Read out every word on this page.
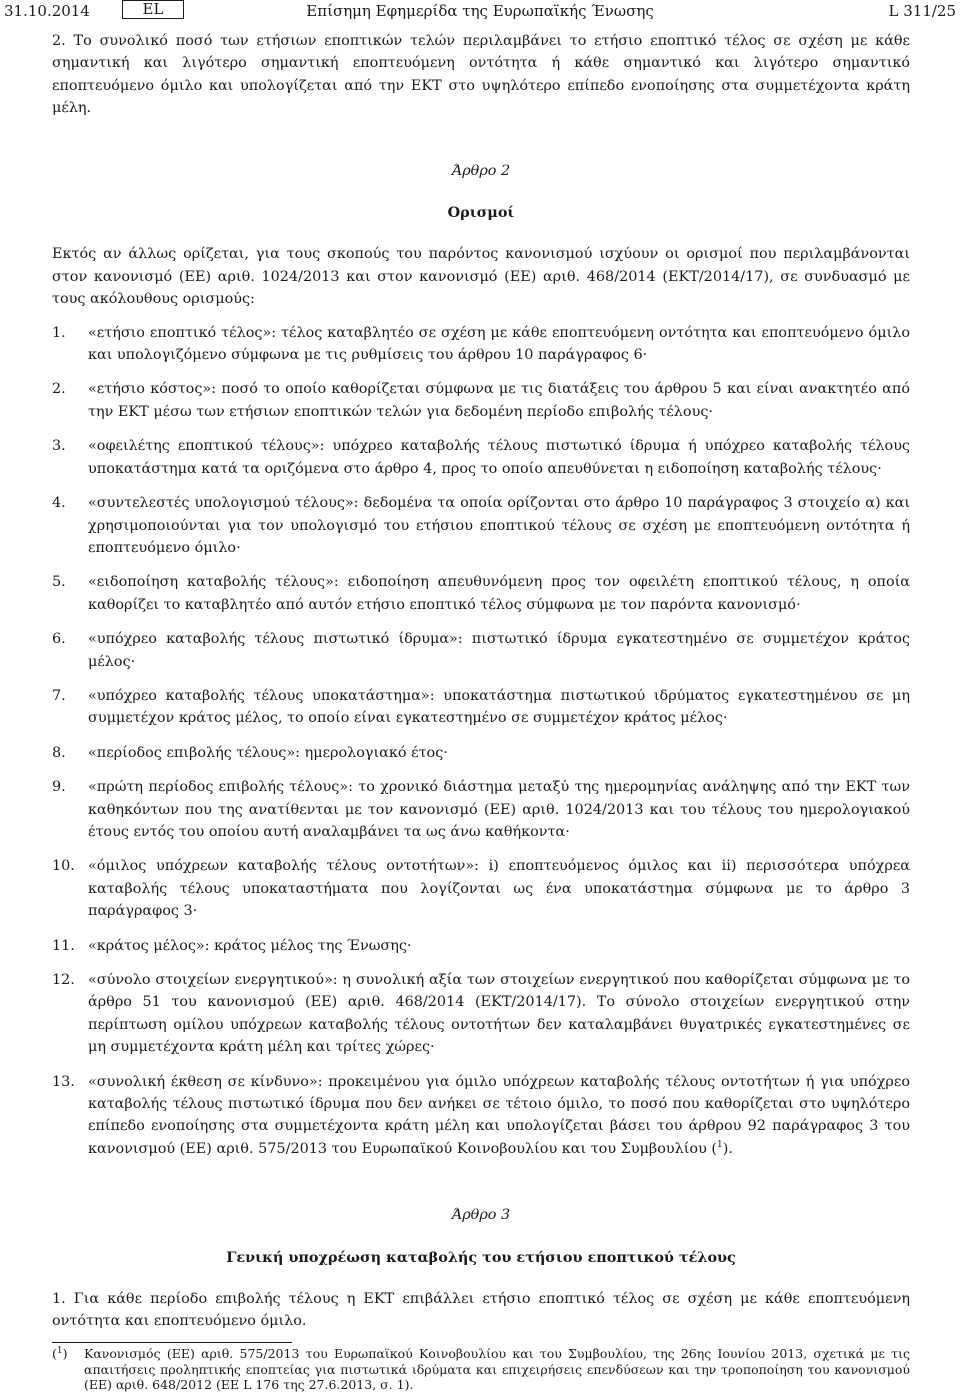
31.10.2014	Επίσημη Εφημερίδα της Ευρωπαϊκής Ένωσης
EL	L 311/25

2. Το συνολικό ποσό των ετήσιων εποπτικών τελών περιλαμβάνει το ετήσιο εποπτικό τέλος σε σχέση με κάθε σημαντική και λιγότερο σημαντική εποπτευόμενη οντότητα ή κάθε σημαντικό και λιγότερο σημαντικό εποπτευόμενο όμιλο και υπολογίζεται από την ΕΚΤ στο υψηλότερο επίπεδο ενοποίησης στα συμμετέχοντα κράτη μέλη.

Άρθρο 2
Ορισμοί

Εκτός αν άλλως ορίζεται, για τους σκοπούς του παρόντος κανονισμού ισχύουν οι ορισμοί που περιλαμβάνονται στον κανονισμό (ΕΕ) αριθ. 1024/2013 και στον κανονισμό (ΕΕ) αριθ. 468/2014 (ΕΚΤ/2014/17), σε συνδυασμό με τους ακόλουθους ορισμούς:

1. «ετήσιο εποπτικό τέλος»: τέλος καταβλητέο σε σχέση με κάθε εποπτευόμενη οντότητα και εποπτευόμενο όμιλο και υπολογιζόμενο σύμφωνα με τις ρυθμίσεις του άρθρου 10 παράγραφος 6·
2. «ετήσιο κόστος»: ποσό το οποίο καθορίζεται σύμφωνα με τις διατάξεις του άρθρου 5 και είναι ανακτητέο από την ΕΚΤ μέσω των ετήσιων εποπτικών τελών για δεδομένη περίοδο επιβολής τέλους·
3. «οφειλέτης εποπτικού τέλους»: υπόχρεο καταβολής τέλους πιστωτικό ίδρυμα ή υπόχρεο καταβολής τέλους υποκατάστημα κατά τα οριζόμενα στο άρθρο 4, προς το οποίο απευθύνεται η ειδοποίηση καταβολής τέλους·
4. «συντελεστές υπολογισμού τέλους»: δεδομένα τα οποία ορίζονται στο άρθρο 10 παράγραφος 3 στοιχείο α) και χρησιμοποιούνται για τον υπολογισμό του ετήσιου εποπτικού τέλους σε σχέση με εποπτευόμενη οντότητα ή εποπτευόμενο όμιλο·
5. «ειδοποίηση καταβολής τέλους»: ειδοποίηση απευθυνόμενη προς τον οφειλέτη εποπτικού τέλους, η οποία καθορίζει το καταβλητέο από αυτόν ετήσιο εποπτικό τέλος σύμφωνα με τον παρόντα κανονισμό·
6. «υπόχρεο καταβολής τέλους πιστωτικό ίδρυμα»: πιστωτικό ίδρυμα εγκατεστημένο σε συμμετέχον κράτος μέλος·
7. «υπόχρεο καταβολής τέλους υποκατάστημα»: υποκατάστημα πιστωτικού ιδρύματος εγκατεστημένου σε μη συμμετέχον κράτος μέλος, το οποίο είναι εγκατεστημένο σε συμμετέχον κράτος μέλος·
8. «περίοδος επιβολής τέλους»: ημερολογιακό έτος·
9. «πρώτη περίοδος επιβολής τέλους»: το χρονικό διάστημα μεταξύ της ημερομηνίας ανάληψης από την ΕΚΤ των καθηκόντων που της ανατίθενται με τον κανονισμό (ΕΕ) αριθ. 1024/2013 και του τέλους του ημερολογιακού έτους εντός του οποίου αυτή αναλαμβάνει τα ως άνω καθήκοντα·
10. «όμιλος υπόχρεων καταβολής τέλους οντοτήτων»: i) εποπτευόμενος όμιλος και ii) περισσότερα υπόχρεα καταβολής τέλους υποκαταστήματα που λογίζονται ως ένα υποκατάστημα σύμφωνα με το άρθρο 3 παράγραφος 3·
11. «κράτος μέλος»: κράτος μέλος της Ένωσης·
12. «σύνολο στοιχείων ενεργητικού»: η συνολική αξία των στοιχείων ενεργητικού που καθορίζεται σύμφωνα με το άρθρο 51 του κανονισμού (ΕΕ) αριθ. 468/2014 (ΕΚΤ/2014/17). Το σύνολο στοιχείων ενεργητικού στην περίπτωση ομίλου υπόχρεων καταβολής τέλους οντοτήτων δεν καταλαμβάνει θυγατρικές εγκατεστημένες σε μη συμμετέχοντα κράτη μέλη και τρίτες χώρες·
13. «συνολική έκθεση σε κίνδυνο»: προκειμένου για όμιλο υπόχρεων καταβολής τέλους οντοτήτων ή για υπόχρεο καταβολής τέλους πιστωτικό ίδρυμα που δεν ανήκει σε τέτοιο όμιλο, το ποσό που καθορίζεται στο υψηλότερο επίπεδο ενοποίησης στα συμμετέχοντα κράτη μέλη και υπολογίζεται βάσει του άρθρου 92 παράγραφος 3 του κανονισμού (ΕΕ) αριθ. 575/2013 του Ευρωπαϊκού Κοινοβουλίου και του Συμβουλίου ($^1$).
Άρθρο 3
Γενική υποχρέωση καταβολής του ετήσιου εποπτικού τέλους

1. Για κάθε περίοδο επιβολής τέλους η ΕΚΤ επιβάλλει ετήσιο εποπτικό τέλος σε σχέση με κάθε εποπτευόμενη οντότητα και εποπτευόμενο όμιλο.

($^1$)	Κανονισμός (ΕΕ) αριθ. 575/2013 του Ευρωπαϊκού Κοινοβουλίου και του Συμβουλίου, της 26ης Ιουνίου 2013, σχετικά με τις απαιτήσεις προληπτικής εποπτείας για πιστωτικά ιδρύματα και επιχειρήσεις επενδύσεων και την τροποποίηση του κανονισμού (ΕΕ) αριθ. 648/2012 (ΕΕ L 176 της 27.6.2013, σ. 1).
